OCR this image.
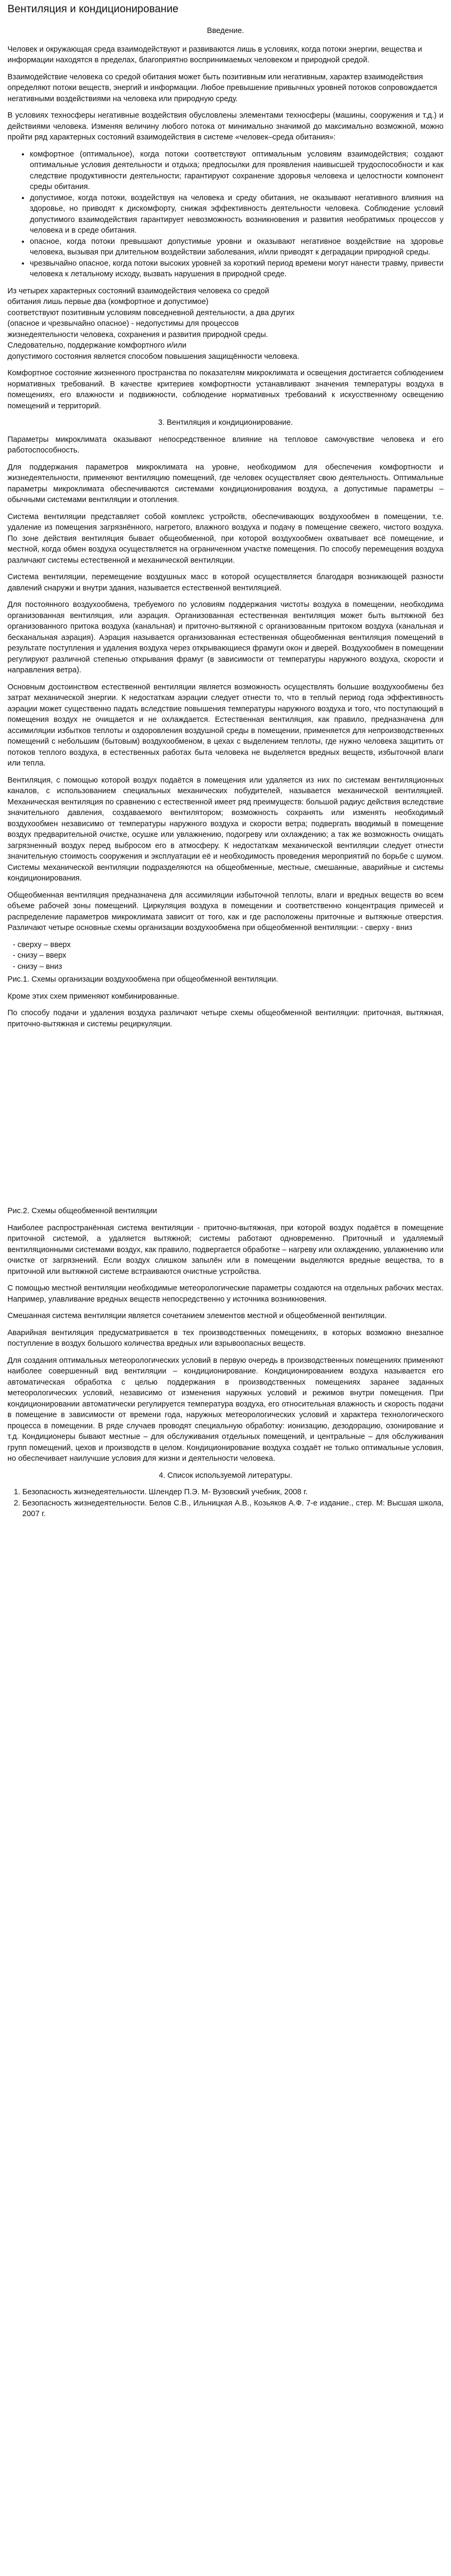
Вентиляция и кондиционирование

Введение.

Человек и окружающая среда взаимодействуют и развиваются лишь в условиях, когда потоки энергии, вещества и информации находятся в пределах, благоприятно воспринимаемых человеком и природной средой.

Взаимодействие человека со средой обитания может быть позитивным или негативным, характер взаимодействия определяют потоки веществ, энергий и информации. Любое превышение привычных уровней потоков сопровождается негативными воздействиями на человека или природную среду.

В условиях техносферы негативные воздействия обусловлены элементами техносферы (машины, сооружения и т.д.) и действиями человека. Изменяя величину любого потока от минимально значимой до максимально возможной, можно пройти ряд характерных состояний взаимодействия в системе «человек–среда обитания»:

• комфортное (оптимальное), когда потоки соответствуют оптимальным условиям взаимодействия; создают оптимальные условия деятельности и отдыха; предпосылки для проявления наивысшей трудоспособности и как следствие продуктивности деятельности; гарантируют сохранение здоровья человека и целостности компонент среды обитания.
• допустимое, когда потоки, воздействуя на человека и среду обитания, не оказывают негативного влияния на здоровье, но приводят к дискомфорту, снижая эффективность деятельности человека. Соблюдение условий допустимого взаимодействия гарантирует невозможность возникновения и развития необратимых процессов у человека и в среде обитания.
• опасное, когда потоки превышают допустимые уровни и оказывают негативное воздействие на здоровье человека, вызывая при длительном воздействии заболевания, и/или приводят к деградации природной среды.
• чрезвычайно опасное, когда потоки высоких уровней за короткий период времени могут нанести травму, привести человека к летальному исходу, вызвать нарушения в природной среде.

Из четырех характерных состояний взаимодействия человека со средой
обитания лишь первые два (комфортное и допустимое)
соответствуют позитивным условиям повседневной деятельности, а два других
(опасное и чрезвычайно опасное) - недопустимы для процессов
жизнедеятельности человека, сохранения и развития природной среды.
Следовательно, поддержание комфортного и/или
допустимого состояния является способом повышения защищённости человека.

Комфортное состояние жизненного пространства по показателям микроклимата и освещения достигается соблюдением нормативных требований. В качестве критериев комфортности устанавливают значения температуры воздуха в помещениях, его влажности и подвижности, соблюдение нормативных требований к искусственному освещению помещений и территорий.

3. Вентиляция и кондиционирование.

Параметры микроклимата оказывают непосредственное влияние на тепловое самочувствие человека и его работоспособность.

Для поддержания параметров микроклимата на уровне, необходимом для обеспечения комфортности и жизнедеятельности, применяют вентиляцию помещений, где человек осуществляет свою деятельность. Оптимальные параметры микроклимата обеспечиваются системами кондиционирования воздуха, а допустимые параметры – обычными системами вентиляции и отопления.

Система вентиляции представляет собой комплекс устройств, обеспечивающих воздухообмен в помещении, т.е. удаление из помещения загрязнённого, нагретого, влажного воздуха и подачу в помещение свежего, чистого воздуха. По зоне действия вентиляция бывает общеобменной, при которой воздухообмен охватывает всё помещение, и местной, когда обмен воздуха осуществляется на ограниченном участке помещения. По способу перемещения воздуха различают системы естественной и механической вентиляции.

Система вентиляции, перемещение воздушных масс в которой осуществляется благодаря возникающей разности давлений снаружи и внутри здания, называется естественной вентиляцией.

Для постоянного воздухообмена, требуемого по условиям поддержания чистоты воздуха в помещении, необходима организованная вентиляция, или аэрация. Организованная естественная вентиляция может быть вытяжной без организованного притока воздуха (канальная) и приточно-вытяжной с организованным притоком воздуха (канальная и бесканальная аэрация). Аэрация называется организованная естественная общеобменная вентиляция помещений в результате поступления и удаления воздуха через открывающиеся фрамуги окон и дверей. Воздухообмен в помещении регулируют различной степенью открывания фрамуг (в зависимости от температуры наружного воздуха, скорости и направления ветра).

Основным достоинством естественной вентиляции является возможность осуществлять большие воздухообмены без затрат механической энергии. К недостаткам аэрации следует отнести то, что в теплый период года эффективность аэрации может существенно падать вследствие повышения температуры наружного воздуха и того, что поступающий в помещения воздух не очищается и не охлаждается. Естественная вентиляция, как правило, предназначена для ассимиляции избытков теплоты и оздоровления воздушной среды в помещении, применяется для непроизводственных помещений с небольшим (бытовым) воздухообменом, в цехах с выделением теплоты, где нужно человека защитить от потоков теплого воздуха, в естественных работах быта человека не выделяется вредных веществ, избыточной влаги или тепла.

Вентиляция, с помощью которой воздух подаётся в помещения или удаляется из них по системам вентиляционных каналов, с использованием специальных механических побудителей, называется механической вентиляцией. Механическая вентиляция по сравнению с естественной имеет ряд преимуществ: большой радиус действия вследствие значительного давления, создаваемого вентилятором; возможность сохранять или изменять необходимый воздухообмен независимо от температуры наружного воздуха и скорости ветра; подвергать вводимый в помещение воздух предварительной очистке, осушке или увлажнению, подогреву или охлаждению; а так же возможность очищать загрязненный воздух перед выбросом его в атмосферу. К недостаткам механической вентиляции следует отнести значительную стоимость сооружения и эксплуатации её и необходимость проведения мероприятий по борьбе с шумом. Системы механической вентиляции подразделяются на общеобменные, местные, смешанные, аварийные и системы кондиционирования.

Общеобменная вентиляция предназначена для ассимиляции избыточной теплоты, влаги и вредных веществ во всем объеме рабочей зоны помещений. Циркуляция воздуха в помещении и соответственно концентрация примесей и распределение параметров микроклимата зависит от того, как и где расположены приточные и вытяжные отверстия. Различают четыре основные схемы организации воздухообмена при общеобменной вентиляции: - сверху - вниз

- сверху – вверх
- снизу – вверх
- снизу – вниз

Рис.1. Схемы организации воздухообмена при общеобменной вентиляции.

Кроме этих схем применяют комбинированные.

По способу подачи и удаления воздуха различают четыре схемы общеобменной вентиляции: приточная, вытяжная, приточно-вытяжная и системы рециркуляции.

Рис.2. Схемы общеобменной вентиляции

Наиболее распространённая система вентиляции - приточно-вытяжная, при которой воздух подаётся в помещение приточной системой, а удаляется вытяжной; системы работают одновременно. Приточный и удаляемый вентиляционными системами воздух, как правило, подвергается обработке – нагреву или охлаждению, увлажнению или очистке от загрязнений. Если воздух слишком запылён или в помещении выделяются вредные вещества, то в приточной или вытяжной системе встраиваются очистные устройства.

С помощью местной вентиляции необходимые метеорологические параметры создаются на отдельных рабочих местах. Например, улавливание вредных веществ непосредственно у источника возникновения.

Смешанная система вентиляции является сочетанием элементов местной и общеобменной вентиляции.

Аварийная вентиляция предусматривается в тех производственных помещениях, в которых возможно внезапное поступление в воздух большого количества вредных или взрывоопасных веществ.

Для создания оптимальных метеорологических условий в первую очередь в производственных помещениях применяют наиболее совершенный вид вентиляции – кондиционирование. Кондиционированием воздуха называется его автоматическая обработка с целью поддержания в производственных помещениях заранее заданных метеорологических условий, независимо от изменения наружных условий и режимов внутри помещения. При кондиционировании автоматически регулируется температура воздуха, его относительная влажность и скорость подачи в помещение в зависимости от времени года, наружных метеорологических условий и характера технологического процесса в помещении. В ряде случаев проводят специальную обработку: ионизацию, дезодорацию, озонирование и т.д. Кондиционеры бывают местные – для обслуживания отдельных помещений, и центральные – для обслуживания групп помещений, цехов и производств в целом. Кондиционирование воздуха создаёт не только оптимальные условия, но обеспечивает наилучшие условия для жизни и деятельности человека.

4. Список используемой литературы.

1. Безопасность жизнедеятельности. Шлендер П.Э. М- Вузовский учебник, 2008 г.
2. Безопасность жизнедеятельности. Белов С.В., Ильницкая А.В., Козьяков А.Ф. 7-е издание., стер. М: Высшая школа, 2007 г.
